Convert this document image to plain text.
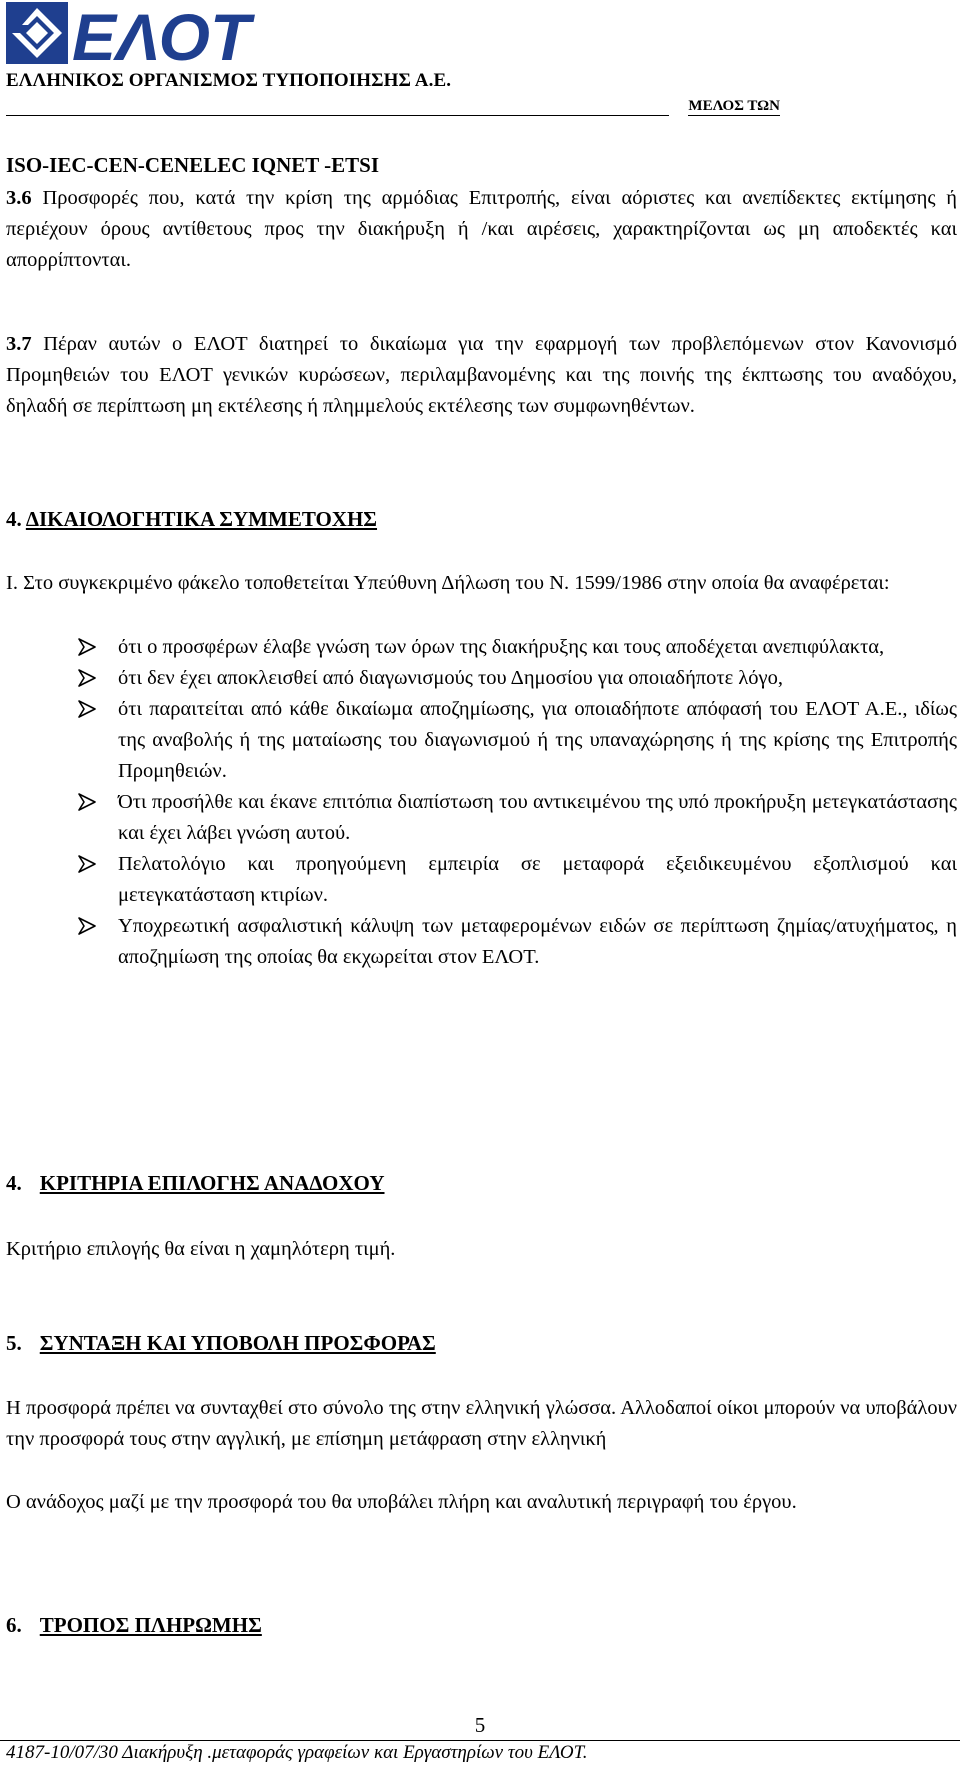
ΕΛΟΤ
ΕΛΛΗΝΙΚΟΣ ΟΡΓΑΝΙΣΜΟΣ ΤΥΠΟΠΟΙΗΣΗΣ Α.Ε.
ΜΕΛΟΣ ΤΩΝ
ISO-IEC-CEN-CENELEC IQNET -ETSI
3.6 Προσφορές που, κατά την κρίση της αρμόδιας Επιτροπής, είναι αόριστες και ανεπίδεκτες εκτίμησης ή περιέχουν όρους αντίθετους προς την διακήρυξη ή /και αιρέσεις, χαρακτηρίζονται ως μη αποδεκτές και απορρίπτονται.
3.7 Πέραν αυτών ο ΕΛΟΤ διατηρεί το δικαίωμα για την εφαρμογή των προβλεπόμενων στον Κανονισμό Προμηθειών του ΕΛΟΤ γενικών κυρώσεων, περιλαμβανομένης και της ποινής της έκπτωσης του αναδόχου, δηλαδή σε περίπτωση μη εκτέλεσης ή πλημμελούς εκτέλεσης των συμφωνηθέντων.
4. ΔΙΚΑΙΟΛΟΓΗΤΙΚΑ ΣΥΜΜΕΤΟΧΗΣ
Ι. Στο συγκεκριμένο φάκελο τοποθετείται Υπεύθυνη Δήλωση του Ν. 1599/1986 στην οποία θα αναφέρεται:
ότι ο προσφέρων έλαβε γνώση των όρων της διακήρυξης και τους αποδέχεται ανεπιφύλακτα,
ότι δεν έχει αποκλεισθεί από διαγωνισμούς του Δημοσίου για οποιαδήποτε λόγο,
ότι παραιτείται από κάθε δικαίωμα αποζημίωσης, για οποιαδήποτε απόφασή του ΕΛΟΤ Α.Ε., ιδίως της αναβολής ή της ματαίωσης του διαγωνισμού ή της υπαναχώρησης ή της κρίσης της Επιτροπής Προμηθειών.
Ότι προσήλθε και έκανε επιτόπια διαπίστωση του αντικειμένου της υπό προκήρυξη μετεγκατάστασης και έχει λάβει γνώση αυτού.
Πελατολόγιο και προηγούμενη εμπειρία σε μεταφορά εξειδικευμένου εξοπλισμού και μετεγκατάσταση κτιρίων.
Υποχρεωτική ασφαλιστική κάλυψη των μεταφερομένων ειδών σε περίπτωση ζημίας/ατυχήματος, η αποζημίωση της οποίας θα εκχωρείται στον ΕΛΟΤ.
4. ΚΡΙΤΗΡΙΑ ΕΠΙΛΟΓΗΣ ΑΝΑΔΟΧΟΥ
Κριτήριο επιλογής θα είναι η χαμηλότερη τιμή.
5. ΣΥΝΤΑΞΗ ΚΑΙ ΥΠΟΒΟΛΗ ΠΡΟΣΦΟΡΑΣ
Η προσφορά πρέπει να συνταχθεί στο σύνολο της στην ελληνική γλώσσα. Αλλοδαποί οίκοι μπορούν να υποβάλουν την προσφορά τους στην αγγλική, με επίσημη μετάφραση στην ελληνική
Ο ανάδοχος μαζί με την προσφορά του θα υποβάλει πλήρη και αναλυτική περιγραφή του έργου.
6. ΤΡΟΠΟΣ ΠΛΗΡΩΜΗΣ
5
4187-10/07/30 Διακήρυξη .μεταφοράς γραφείων και Εργαστηρίων του ΕΛΟΤ.
